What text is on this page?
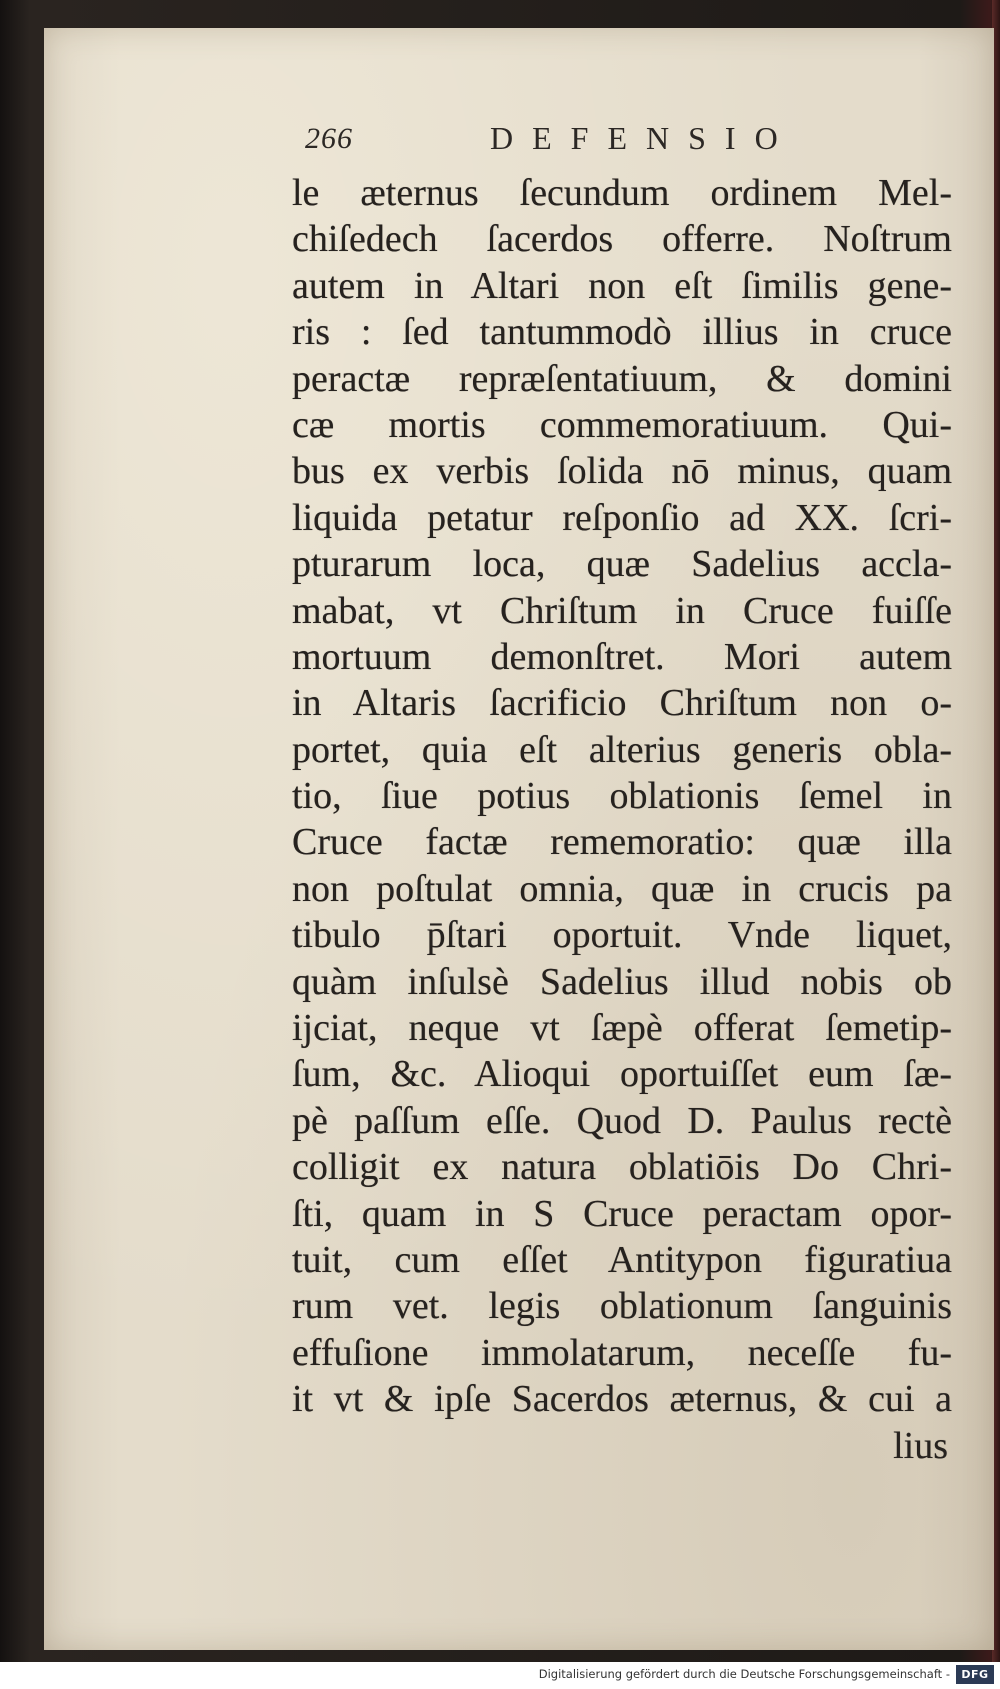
266	DEFENSIO
le æternus ſecundum ordinem Mel-
chiſedech ſacerdos offerre. Noſtrum
autem in Altari non eſt ſimilis gene-
ris : ſed tantummodò illius in cruce
peractæ repræſentatiuum, & domini
cæ mortis commemoratiuum. Qui-
bus ex verbis ſolida nō minus, quam
liquida petatur reſponſio ad XX. ſcri-
pturarum loca, quæ Sadelius accla-
mabat, vt Chriſtum in Cruce fuiſſe
mortuum demonſtret. Mori autem
in Altaris ſacrificio Chriſtum non o-
portet, quia eſt alterius generis obla-
tio, ſiue potius oblationis ſemel in
Cruce factæ rememoratio: quæ illa
non poſtulat omnia, quæ in crucis pa
tibulo p̄ſtari oportuit. Vnde liquet,
quàm inſulsè Sadelius illud nobis ob
ijciat, neque vt ſæpè offerat ſemetip-
ſum, &c. Alioqui oportuiſſet eum ſæ-
pè paſſum eſſe. Quod D. Paulus rectè
colligit ex natura oblatiōis Do Chri-
ſti, quam in S Cruce peractam opor-
tuit, cum eſſet Antitypon figuratiua
rum vet. legis oblationum ſanguinis
effuſione immolatarum, neceſſe fu-
it vt & ipſe Sacerdos æternus, & cui a
lius
Digitalisierung gefördert durch die Deutsche Forschungsgemeinschaft -	DFG
